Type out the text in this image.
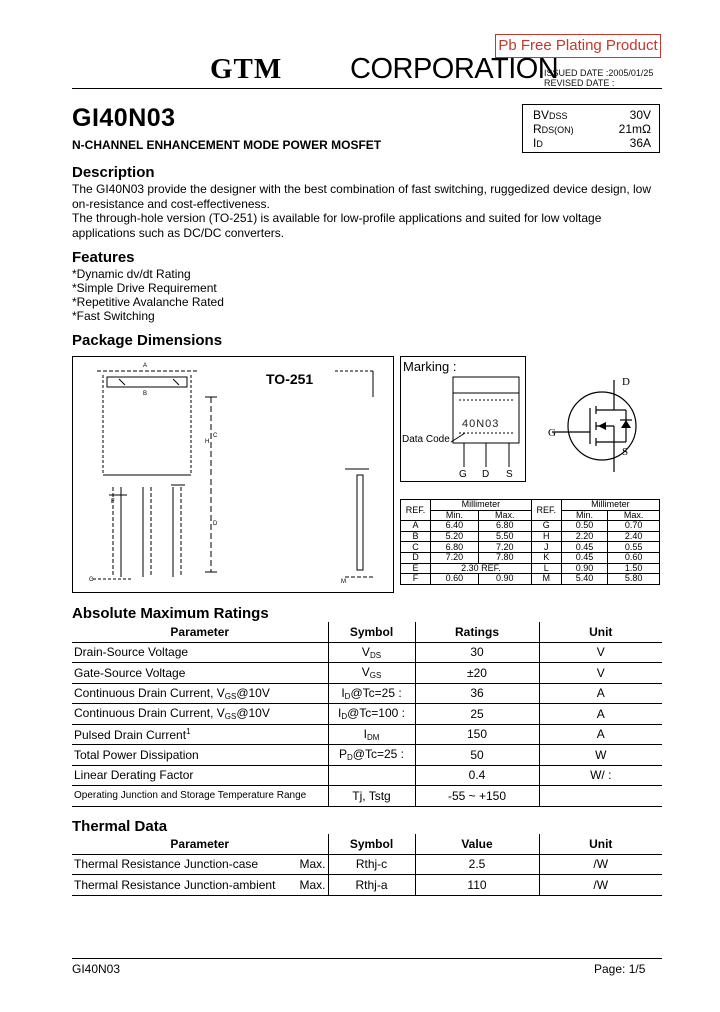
Pb Free Plating Product
GTM CORPORATION
ISSUED DATE :2005/01/25
REVISED DATE :
GI40N03
N-CHANNEL ENHANCEMENT MODE POWER MOSFET
BVDSS	30V
RDS(ON)	21mΩ
ID	36A
Description

The GI40N03 provide the designer with the best combination of fast switching, ruggedized device design, low on-resistance and cost-effectiveness.

The through-hole version (TO-251) is available for low-profile applications and suited for low voltage applications such as DC/DC converters.

Features
*Dynamic dv/dt Rating
*Simple Drive Requirement
*Repetitive Avalanche Rated
*Fast Switching
Package Dimensions
A
B
C
D
H
F
G	M
TO-251
Marking :
40N03
Data Code
G D S
D
G
S
REF.	Millimeter		REF.	Millimeter	
	Min.	Max.		Min.	Max.
A	6.40	6.80	G	0.50	0.70
B	5.20	5.50	H	2.20	2.40
C	6.80	7.20	J	0.45	0.55
D	7.20	7.80	K	0.45	0.60
E	2.30 REF.		L	0.90	1.50
F	0.60	0.90	M	5.40	5.80
Absolute Maximum Ratings
Parameter	Symbol	Ratings	Unit
Drain-Source Voltage	$V_{DS}$	30	V
Gate-Source Voltage	$V_{GS}$	±20	V
Continuous Drain Current, $V_{GS}@10V$	$I_D@Tc=25$ :	36	A
Continuous Drain Current, $V_{GS}@10V$	$I_D@Tc=100$ :	25	A
Pulsed Drain Current$^1$	$I_{DM}$	150	A
Total Power Dissipation	$P_D@Tc=25$ :	50	W
Linear Derating Factor		0.4	W/ :
Operating Junction and Storage Temperature Range	Tj, Tstg	-55 ~ +150	
Thermal Data
Parameter	Symbol	Value	Unit

Thermal Resistance Junction-case Max.	Rthj-c	2.5	/W

Thermal Resistance Junction-ambient Max.	Rthj-a	110	/W
GI40N03	Page: 1/5
